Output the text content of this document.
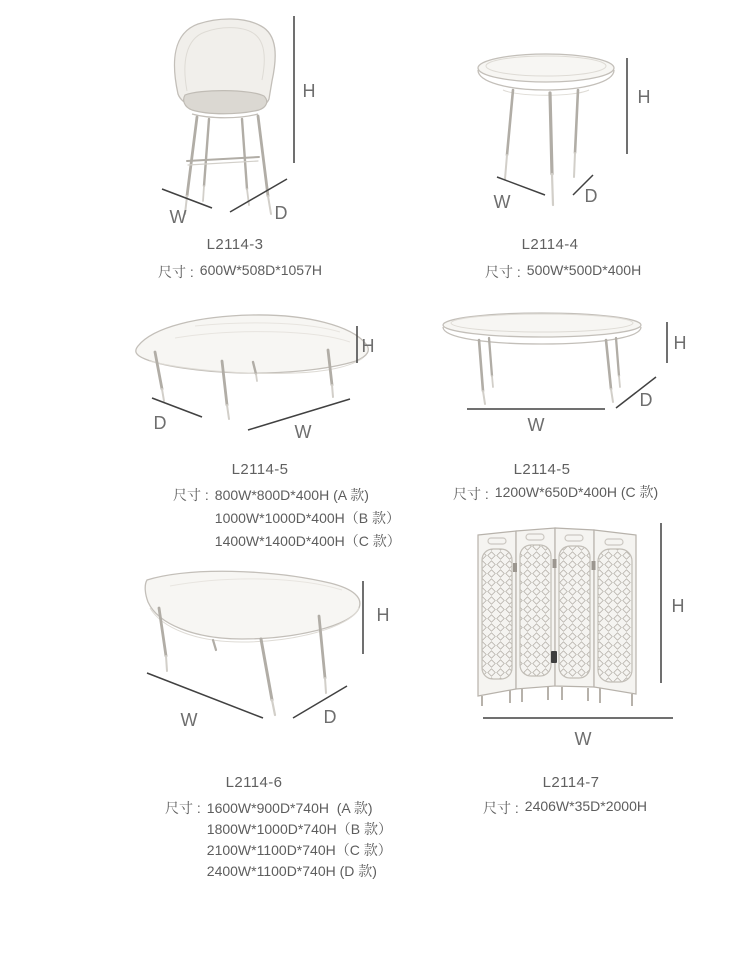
H
W	D
H
W	D
H
D	W
H
D
W
H
W	D
H
W
L2114-3
尺寸 : 600W*508D*1057H
L2114-4
尺寸 : 500W*500D*400H
L2114-5
尺寸 : 800W*800D*400H (A 款)
1000W*1000D*400H（B 款）
1400W*1400D*400H（C 款）
L2114-5
尺寸 : 1200W*650D*400H (C 款)
L2114-6
尺寸 : 1600W*900D*740H  (A 款)
1800W*1000D*740H（B 款）
2100W*1100D*740H（C 款）
2400W*1100D*740H (D 款)
L2114-7
尺寸 : 2406W*35D*2000H
